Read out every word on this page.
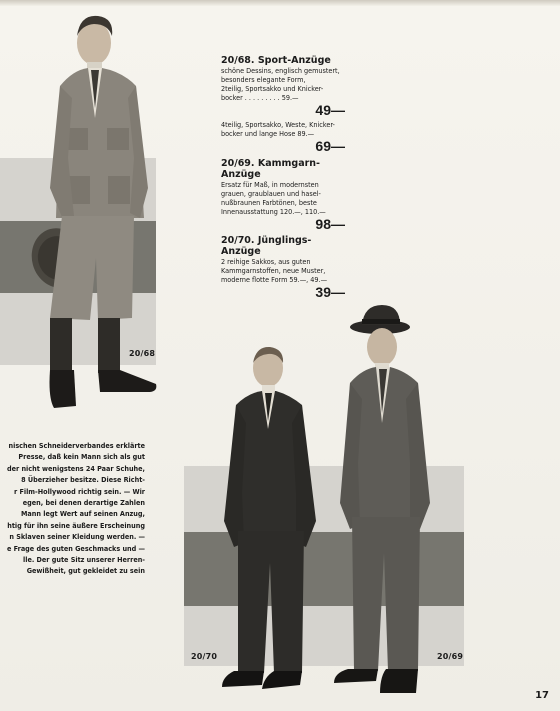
20/68
20/68. Sport-Anzüge
schöne Dessins, englisch gemustert,
besonders elegante Form,
2teilig, Sportsakko und Knicker-
bocker . . . . . . . . . 59.—
49—
4teilig, Sportsakko, Weste, Knicker-
bocker und lange Hose 89.—
69—
20/69. Kammgarn-Anzüge
Ersatz für Maß, in modernsten
grauen, graublauen und hasel-
nußbraunen Farbtönen, beste
Innenausstattung 120.—, 110.—
98—
20/70. Jünglings-Anzüge
2 reihige Sakkos, aus guten
Kammgarnstoffen, neue Muster,
moderne flotte Form 59.—, 49.—
39—
nischen Schneiderverbandes erklärte
Presse, daß kein Mann sich als gut
der nicht wenigstens 24 Paar Schuhe,
8 Überzieher besitze. Diese Richt-
r Film-Hollywood richtig sein. — Wir
egen, bei denen derartige Zahlen
Mann legt Wert auf seinen Anzug,
htig für ihn seine äußere Erscheinung
n Sklaven seiner Kleidung werden. —
e Frage des guten Geschmacks und —
lle. Der gute Sitz unserer Herren-
Gewißheit, gut gekleidet zu sein
20/70	20/69
17
